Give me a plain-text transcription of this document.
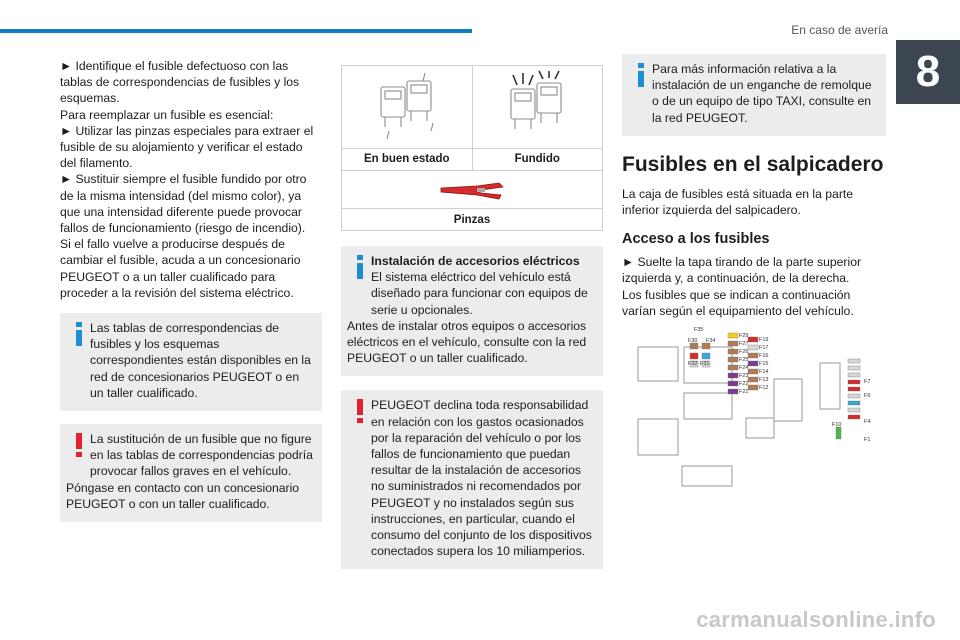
En caso de avería
8
► Identifique el fusible defectuoso con las tablas de correspondencias de fusibles y los esquemas.
Para reemplazar un fusible es esencial:
► Utilizar las pinzas especiales para extraer el fusible de su alojamiento y verificar el estado del filamento.
► Sustituir siempre el fusible fundido por otro de la misma intensidad (del mismo color), ya que una intensidad diferente puede provocar fallos de funcionamiento (riesgo de incendio).
Si el fallo vuelve a producirse después de cambiar el fusible, acuda a un concesionario PEUGEOT o a un taller cualificado para proceder a la revisión del sistema eléctrico.
Las tablas de correspondencias de fusibles y los esquemas correspondientes están disponibles en la red de concesionarios PEUGEOT o en un taller cualificado.
La sustitución de un fusible que no figure en las tablas de correspondencias podría provocar fallos graves en el vehículo.
Póngase en contacto con un concesionario PEUGEOT o con un taller cualificado.
En buen estado	Fundido
Pinzas
Instalación de accesorios eléctricos
El sistema eléctrico del vehículo está diseñado para funcionar con equipos de serie u opcionales.
Antes de instalar otros equipos o accesorios eléctricos en el vehículo, consulte con la red PEUGEOT o un taller cualificado.
PEUGEOT declina toda responsabilidad en relación con los gastos ocasionados por la reparación del vehículo o por los fallos de funcionamiento que puedan resultar de la instalación de accesorios no suministrados ni recomendados por PEUGEOT y no instalados según sus instrucciones, en particular, cuando el consumo del conjunto de los dispositivos conectados supera los 10 miliamperios.
Para más información relativa a la instalación de un enganche de remolque o de un equipo de tipo TAXI, consulte en la red PEUGEOT.
Fusibles en el salpicadero
La caja de fusibles está situada en la parte inferior izquierda del salpicadero.
Acceso a los fusibles
► Suelte la tapa tirando de la parte superior izquierda y, a continuación, de la derecha.
Los fusibles que se indican a continuación varían según el equipamiento del vehículo.
F35
F30 F34
F32 F31
F29
F19
F27
F17
F26
F16
F25
F15
F24
F14
F23
F13
F22
F12
F21
F7
F6
F10	F4
F1
carmanualsonline.info
